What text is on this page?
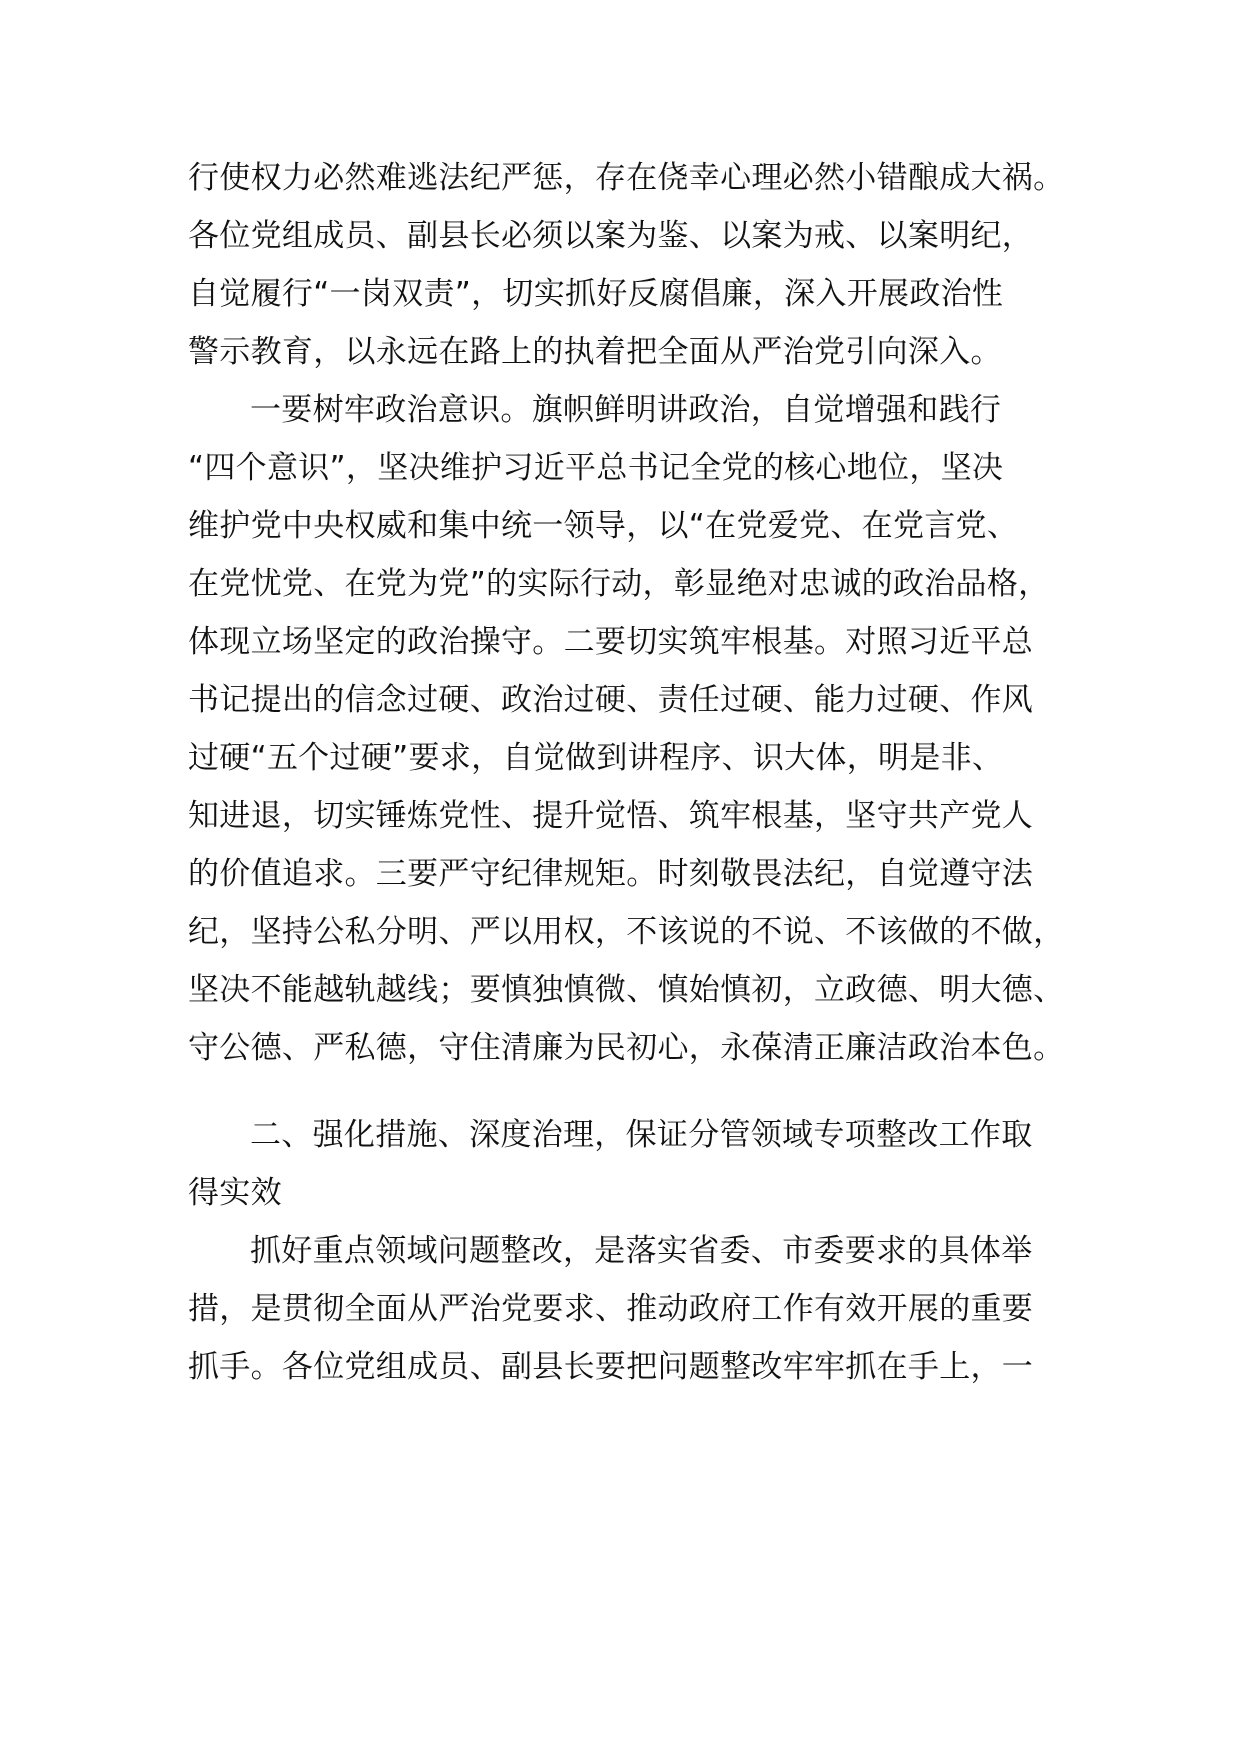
行使权力必然难逃法纪严惩，存在侥幸心理必然小错酿成大祸。
各位党组成员、副县长必须以案为鉴、以案为戒、以案明纪，
自觉履行“一岗双责”，切实抓好反腐倡廉，深入开展政治性
警示教育，以永远在路上的执着把全面从严治党引向深入。
一要树牢政治意识。旗帜鲜明讲政治，自觉增强和践行
“四个意识”，坚决维护习近平总书记全党的核心地位，坚决
维护党中央权威和集中统一领导，以“在党爱党、在党言党、
在党忧党、在党为党”的实际行动，彰显绝对忠诚的政治品格，
体现立场坚定的政治操守。二要切实筑牢根基。对照习近平总
书记提出的信念过硬、政治过硬、责任过硬、能力过硬、作风
过硬“五个过硬”要求，自觉做到讲程序、识大体，明是非、
知进退，切实锤炼党性、提升觉悟、筑牢根基，坚守共产党人
的价值追求。三要严守纪律规矩。时刻敬畏法纪，自觉遵守法
纪，坚持公私分明、严以用权，不该说的不说、不该做的不做，
坚决不能越轨越线；要慎独慎微、慎始慎初，立政德、明大德、
守公德、严私德，守住清廉为民初心，永葆清正廉洁政治本色。
二、强化措施、深度治理，保证分管领域专项整改工作取
得实效
抓好重点领域问题整改，是落实省委、市委要求的具体举
措，是贯彻全面从严治党要求、推动政府工作有效开展的重要
抓手。各位党组成员、副县长要把问题整改牢牢抓在手上，一
